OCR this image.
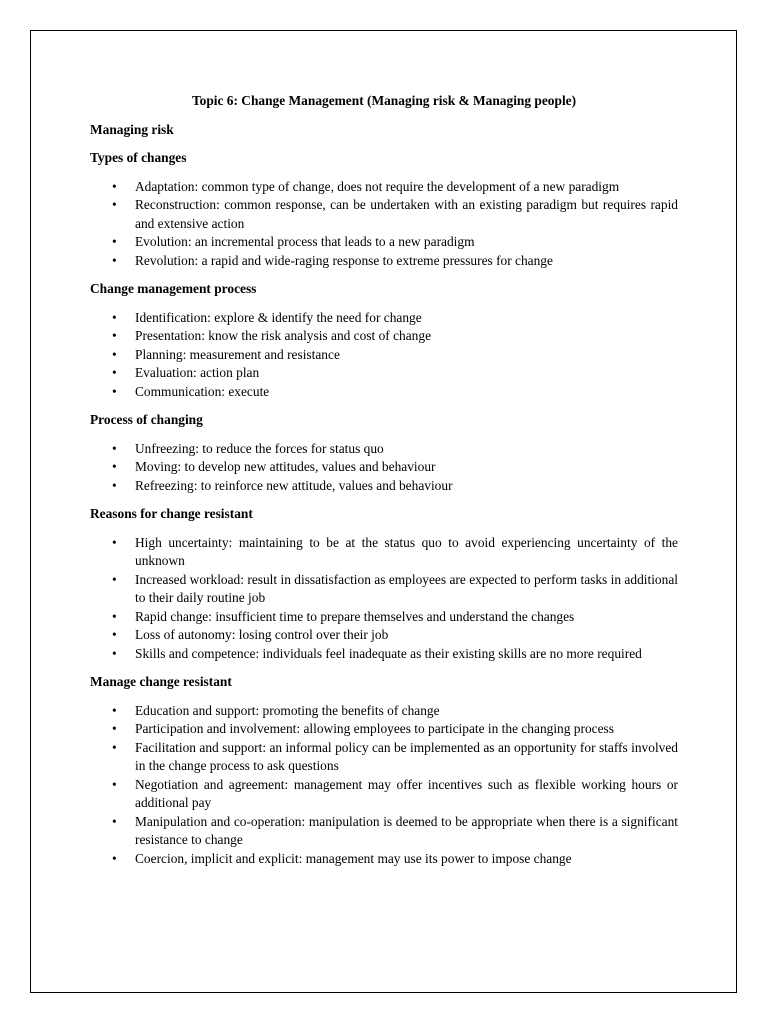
Topic 6: Change Management (Managing risk & Managing people)
Managing risk
Types of changes
• Adaptation: common type of change, does not require the development of a new paradigm
• Reconstruction: common response, can be undertaken with an existing paradigm but requires rapid and extensive action
• Evolution: an incremental process that leads to a new paradigm
• Revolution: a rapid and wide-raging response to extreme pressures for change
Change management process
• Identification: explore & identify the need for change
• Presentation: know the risk analysis and cost of change
• Planning: measurement and resistance
• Evaluation: action plan
• Communication: execute
Process of changing
• Unfreezing: to reduce the forces for status quo
• Moving: to develop new attitudes, values and behaviour
• Refreezing: to reinforce new attitude, values and behaviour
Reasons for change resistant
• High uncertainty: maintaining to be at the status quo to avoid experiencing uncertainty of the unknown
• Increased workload: result in dissatisfaction as employees are expected to perform tasks in additional to their daily routine job
• Rapid change: insufficient time to prepare themselves and understand the changes
• Loss of autonomy: losing control over their job
• Skills and competence: individuals feel inadequate as their existing skills are no more required
Manage change resistant
• Education and support: promoting the benefits of change
• Participation and involvement: allowing employees to participate in the changing process
• Facilitation and support: an informal policy can be implemented as an opportunity for staffs involved in the change process to ask questions
• Negotiation and agreement: management may offer incentives such as flexible working hours or additional pay
• Manipulation and co-operation: manipulation is deemed to be appropriate when there is a significant resistance to change
• Coercion, implicit and explicit: management may use its power to impose change
